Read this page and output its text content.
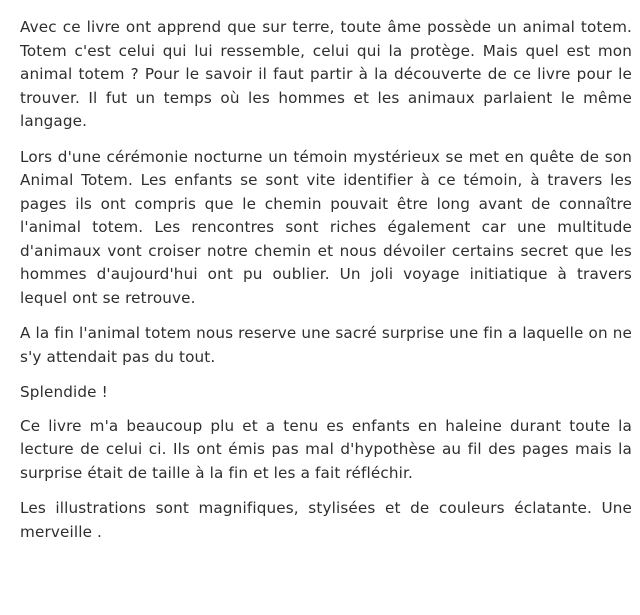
Avec ce livre ont apprend que sur terre, toute âme possède un animal totem. Totem c'est celui qui lui ressemble, celui qui la protège. Mais quel est mon animal totem ? Pour le savoir il faut partir à la découverte de ce livre pour le trouver. Il fut un temps où les hommes et les animaux parlaient le même langage.

Lors d'une cérémonie nocturne un témoin mystérieux se met en quête de son Animal Totem. Les enfants se sont vite identifier à ce témoin, à travers les pages ils ont compris que le chemin pouvait être long avant de connaître l'animal totem. Les rencontres sont riches également car une multitude d'animaux vont croiser notre chemin et nous dévoiler certains secret que les hommes d'aujourd'hui ont pu oublier. Un joli voyage initiatique à travers lequel ont se retrouve.

A la fin l'animal totem nous reserve une sacré surprise une fin a laquelle on ne s'y attendait pas du tout.

Splendide !

Ce livre m'a beaucoup plu et a tenu es enfants en haleine durant toute la lecture de celui ci. Ils ont émis pas mal d'hypothèse au fil des pages mais la surprise était de taille à la fin et les a fait réfléchir.

Les illustrations sont magnifiques, stylisées et de couleurs éclatante. Une merveille .
